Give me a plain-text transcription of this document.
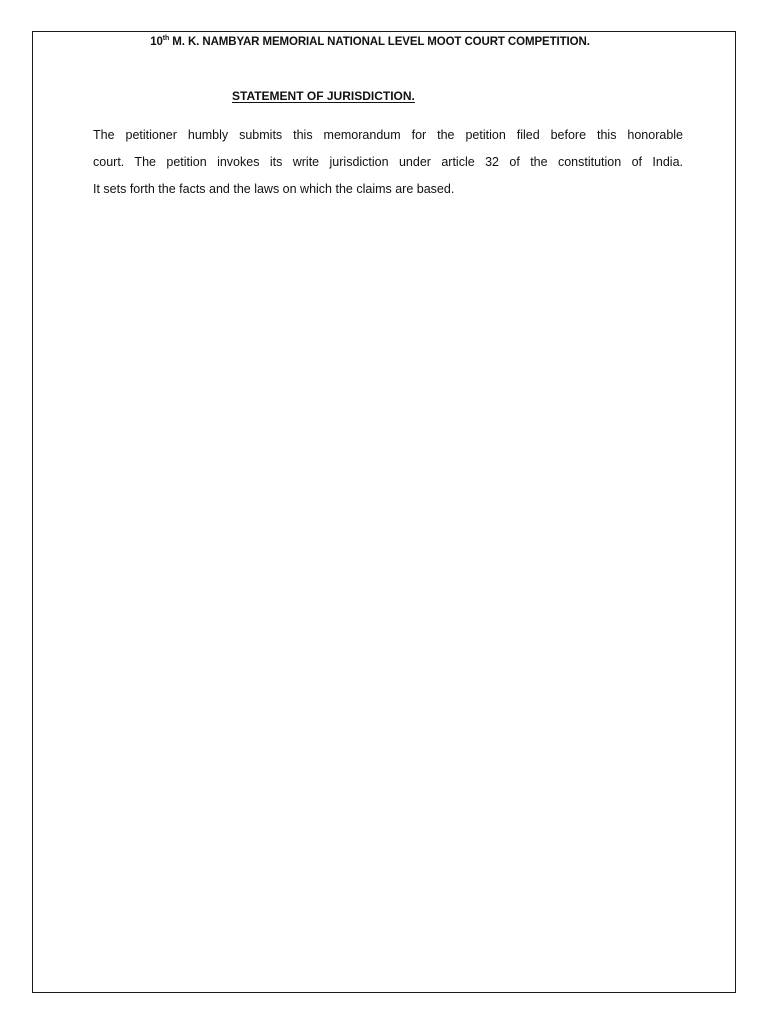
10th M. K. NAMBYAR MEMORIAL NATIONAL LEVEL MOOT COURT COMPETITION.
STATEMENT OF JURISDICTION.
The petitioner humbly submits this memorandum for the petition filed before this honorable
court. The petition invokes its write jurisdiction under article 32 of the constitution of India.
It sets forth the facts and the laws on which the claims are based.
